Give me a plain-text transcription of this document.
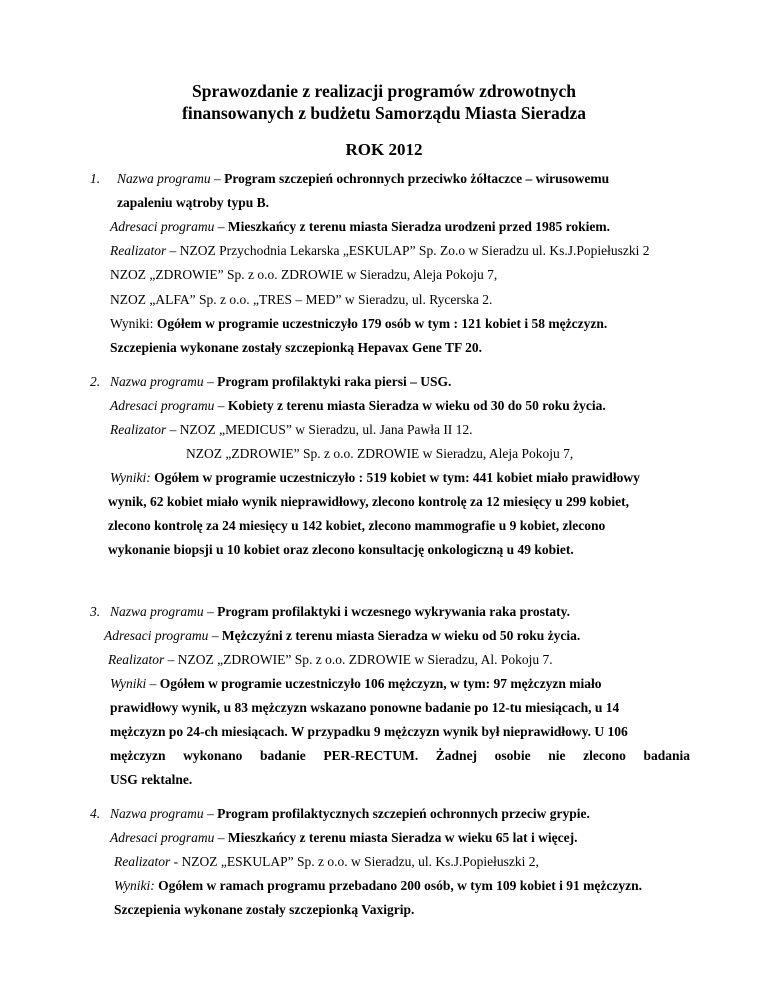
Sprawozdanie z realizacji programów zdrowotnych
finansowanych z budżetu Samorządu Miasta Sieradza
ROK 2012
1. Nazwa programu – Program szczepień ochronnych przeciwko żółtaczce – wirusowemu
zapaleniu wątroby typu B.
Adresaci programu – Mieszkańcy z terenu miasta Sieradza urodzeni przed 1985 rokiem.
Realizator – NZOZ Przychodnia Lekarska „ESKULAP” Sp. Zo.o w Sieradzu ul. Ks.J.Popiełuszki 2
NZOZ „ZDROWIE” Sp. z o.o. ZDROWIE w Sieradzu, Aleja Pokoju 7,
NZOZ „ALFA” Sp. z o.o. „TRES – MED” w Sieradzu, ul. Rycerska 2.
Wyniki: Ogółem w programie uczestniczyło 179 osób w tym : 121 kobiet i 58 mężczyzn.
Szczepienia wykonane zostały szczepionką Hepavax Gene TF 20.
2. Nazwa programu – Program profilaktyki raka piersi – USG.
Adresaci programu – Kobiety z terenu miasta Sieradza w wieku od 30 do 50 roku życia.
Realizator – NZOZ „MEDICUS” w Sieradzu, ul. Jana Pawła II 12.
NZOZ „ZDROWIE” Sp. z o.o. ZDROWIE w Sieradzu, Aleja Pokoju 7,
Wyniki: Ogółem w programie uczestniczyło : 519 kobiet w tym: 441 kobiet miało prawidłowy
wynik, 62 kobiet miało wynik nieprawidłowy, zlecono kontrolę za 12 miesięcy u 299 kobiet,
zlecono kontrolę za 24 miesięcy u 142 kobiet, zlecono mammografie u 9 kobiet, zlecono
wykonanie biopsji u 10 kobiet oraz zlecono konsultację onkologiczną u 49 kobiet.
3. Nazwa programu – Program profilaktyki i wczesnego wykrywania raka prostaty.
Adresaci programu – Mężczyźni z terenu miasta Sieradza w wieku od 50 roku życia.
Realizator – NZOZ „ZDROWIE” Sp. z o.o. ZDROWIE w Sieradzu, Al. Pokoju 7.
Wyniki – Ogółem w programie uczestniczyło 106 mężczyzn, w tym: 97 mężczyzn miało
prawidłowy wynik, u 83 mężczyzn wskazano ponowne badanie po 12-tu miesiącach, u 14
mężczyzn po 24-ch miesiącach. W przypadku 9 mężczyzn wynik był nieprawidłowy. U 106
mężczyzn wykonano badanie PER-RECTUM. Żadnej osobie nie zlecono badania
USG rektalne.
4. Nazwa programu – Program profilaktycznych szczepień ochronnych przeciw grypie.
Adresaci programu – Mieszkańcy z terenu miasta Sieradza w wieku 65 lat i więcej.
Realizator - NZOZ „ESKULAP” Sp. z o.o. w Sieradzu, ul. Ks.J.Popiełuszki 2,
Wyniki: Ogółem w ramach programu przebadano 200 osób, w tym 109 kobiet i 91 mężczyzn.
Szczepienia wykonane zostały szczepionką Vaxigrip.
